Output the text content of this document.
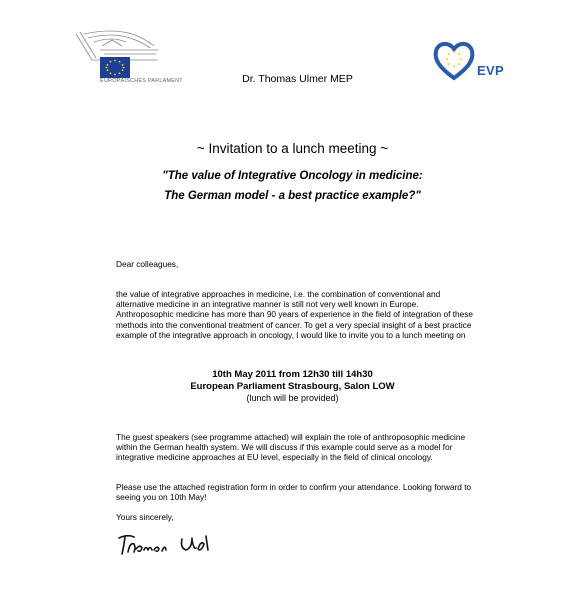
EUROPÄISCHES PARLAMENT
EVP
Dr. Thomas Ulmer MEP
~ Invitation to a lunch meeting ~
"The value of Integrative Oncology in medicine:
The German model - a best practice example?"
Dear colleagues,
the value of integrative approaches in medicine, i.e. the combination of conventional and alternative medicine in an integrative manner is still not very well known in Europe. Anthroposophic medicine has more than 90 years of experience in the field of integration of these methods into the conventional treatment of cancer. To get a very special insight of a best practice example of the integrative approach in oncology, I would like to invite you to a lunch meeting on
10th May 2011 from 12h30 till 14h30
European Parliament Strasbourg, Salon LOW
(lunch will be provided)
The guest speakers (see programme attached) will explain the role of anthroposophic medicine within the German health system. We will discuss if this example could serve as a model for integrative medicine approaches at EU level, especially in the field of clinical oncology.
Please use the attached registration form in order to confirm your attendance. Looking forward to seeing you on 10th May!
Yours sincerely,
